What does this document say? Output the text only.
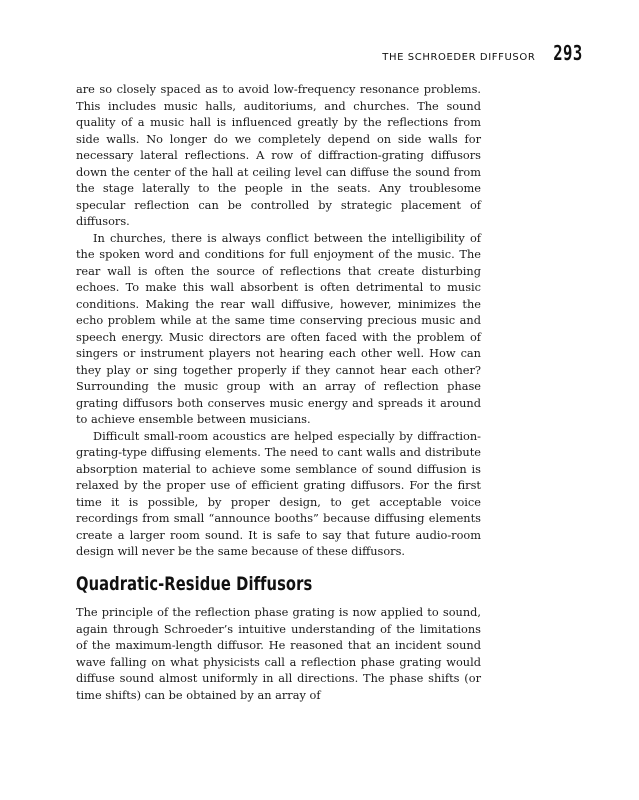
THE SCHROEDER DIFFUSOR 293

are so closely spaced as to avoid low-frequency resonance problems. This includes music halls, auditoriums, and churches. The sound quality of a music hall is influenced greatly by the reflections from side walls. No longer do we completely depend on side walls for necessary lateral reflections. A row of diffraction-grating diffusors down the center of the hall at ceiling level can diffuse the sound from the stage laterally to the people in the seats. Any troublesome specular reflection can be controlled by strategic placement of diffusors.

In churches, there is always conflict between the intelligibility of the spoken word and conditions for full enjoyment of the music. The rear wall is often the source of reflections that create disturbing echoes. To make this wall absorbent is often detrimental to music conditions. Making the rear wall diffusive, however, minimizes the echo problem while at the same time conserving precious music and speech energy. Music directors are often faced with the problem of singers or instrument players not hearing each other well. How can they play or sing together properly if they cannot hear each other? Surrounding the music group with an array of reflection phase grating diffusors both conserves music energy and spreads it around to achieve ensemble between musicians.

Difficult small-room acoustics are helped especially by diffraction-grating-type diffusing elements. The need to cant walls and distribute absorption material to achieve some semblance of sound diffusion is relaxed by the proper use of efficient grating diffusors. For the first time it is possible, by proper design, to get acceptable voice recordings from small “announce booths” because diffusing elements create a larger room sound. It is safe to say that future audio-room design will never be the same because of these diffusors.

Quadratic-Residue Diffusors

The principle of the reflection phase grating is now applied to sound, again through Schroeder’s intuitive understanding of the limitations of the maximum-length diffusor. He reasoned that an incident sound wave falling on what physicists call a reflection phase grating would diffuse sound almost uniformly in all directions. The phase shifts (or time shifts) can be obtained by an array of
